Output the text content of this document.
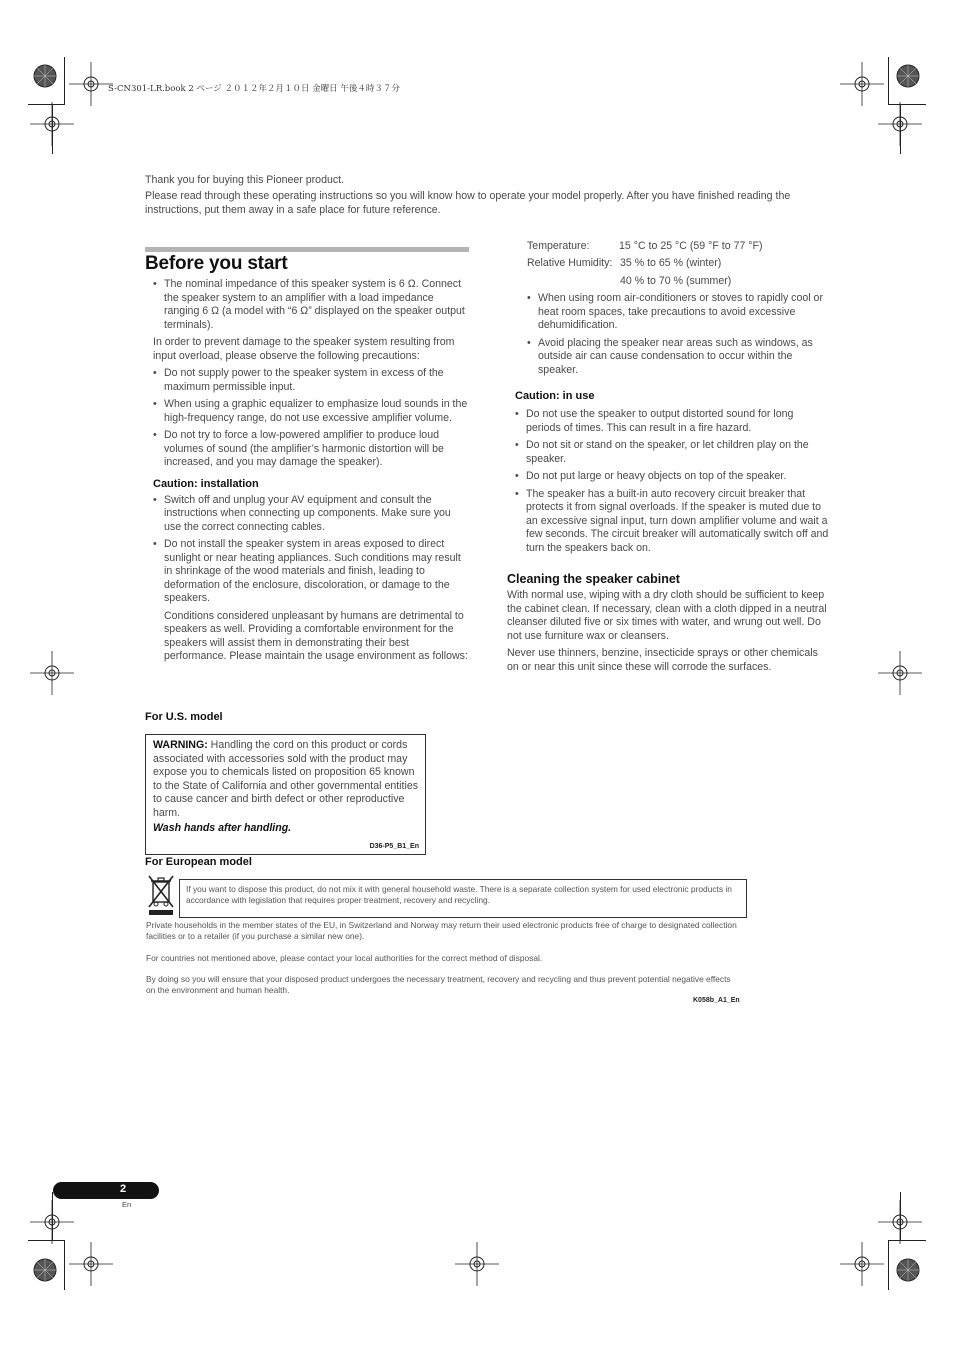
S-CN301-LR.book 2 ページ ２０１２年２月１０日 金曜日 午後４時３７分

Thank you for buying this Pioneer product.

Please read through these operating instructions so you will know how to operate your model properly. After you have finished reading the instructions, put them away in a safe place for future reference.

Before you start
• The nominal impedance of this speaker system is 6 Ω. Connect the speaker system to an amplifier with a load impedance ranging 6 Ω (a model with “6 Ω” displayed on the speaker output terminals).

In order to prevent damage to the speaker system resulting from input overload, please observe the following precautions:

• Do not supply power to the speaker system in excess of the maximum permissible input.
• When using a graphic equalizer to emphasize loud sounds in the high-frequency range, do not use excessive amplifier volume.
• Do not try to force a low-powered amplifier to produce loud volumes of sound (the amplifier’s harmonic distortion will be increased, and you may damage the speaker).
Caution: installation
• Switch off and unplug your AV equipment and consult the instructions when connecting up components. Make sure you use the correct connecting cables.
• Do not install the speaker system in areas exposed to direct sunlight or near heating appliances. Such conditions may result in shrinkage of the wood materials and finish, leading to deformation of the enclosure, discoloration, or damage to the speakers.

Conditions considered unpleasant by humans are detrimental to speakers as well. Providing a comfortable environment for the speakers will assist them in demonstrating their best performance. Please maintain the usage environment as follows:

For U.S. model
WARNING: Handling the cord on this product or cords associated with accessories sold with the product may expose you to chemicals listed on proposition 65 known to the State of California and other governmental entities to cause cancer and birth defect or other reproductive harm.
Wash hands after handling.
D36-P5_B1_En
For European model
If you want to dispose this product, do not mix it with general household waste. There is a separate collection system for used electronic products in accordance with legislation that requires proper treatment, recovery and recycling.
Private households in the member states of the EU, in Switzerland and Norway may return their used electronic products free of charge to designated collection facilities or to a retailer (if you purchase a similar new one).
For countries not mentioned above, please contact your local authorities for the correct method of disposal.
By doing so you will ensure that your disposed product undergoes the necessary treatment, recovery and recycling and thus prevent potential negative effects on the environment and human health.
K058b_A1_En
Temperature:	15 °C to 25 °C (59 °F to 77 °F)
Relative Humidity: 35 % to 65 % (winter)
40 % to 70 % (summer)
• When using room air-conditioners or stoves to rapidly cool or heat room spaces, take precautions to avoid excessive dehumidification.
• Avoid placing the speaker near areas such as windows, as outside air can cause condensation to occur within the speaker.
Caution: in use
• Do not use the speaker to output distorted sound for long periods of times. This can result in a fire hazard.
• Do not sit or stand on the speaker, or let children play on the speaker.
• Do not put large or heavy objects on top of the speaker.
• The speaker has a built-in auto recovery circuit breaker that protects it from signal overloads. If the speaker is muted due to an excessive signal input, turn down amplifier volume and wait a few seconds. The circuit breaker will automatically switch off and turn the speakers back on.
Cleaning the speaker cabinet

With normal use, wiping with a dry cloth should be sufficient to keep the cabinet clean. If necessary, clean with a cloth dipped in a neutral cleanser diluted five or six times with water, and wrung out well. Do not use furniture wax or cleansers.

Never use thinners, benzine, insecticide sprays or other chemicals on or near this unit since these will corrode the surfaces.

2
En
